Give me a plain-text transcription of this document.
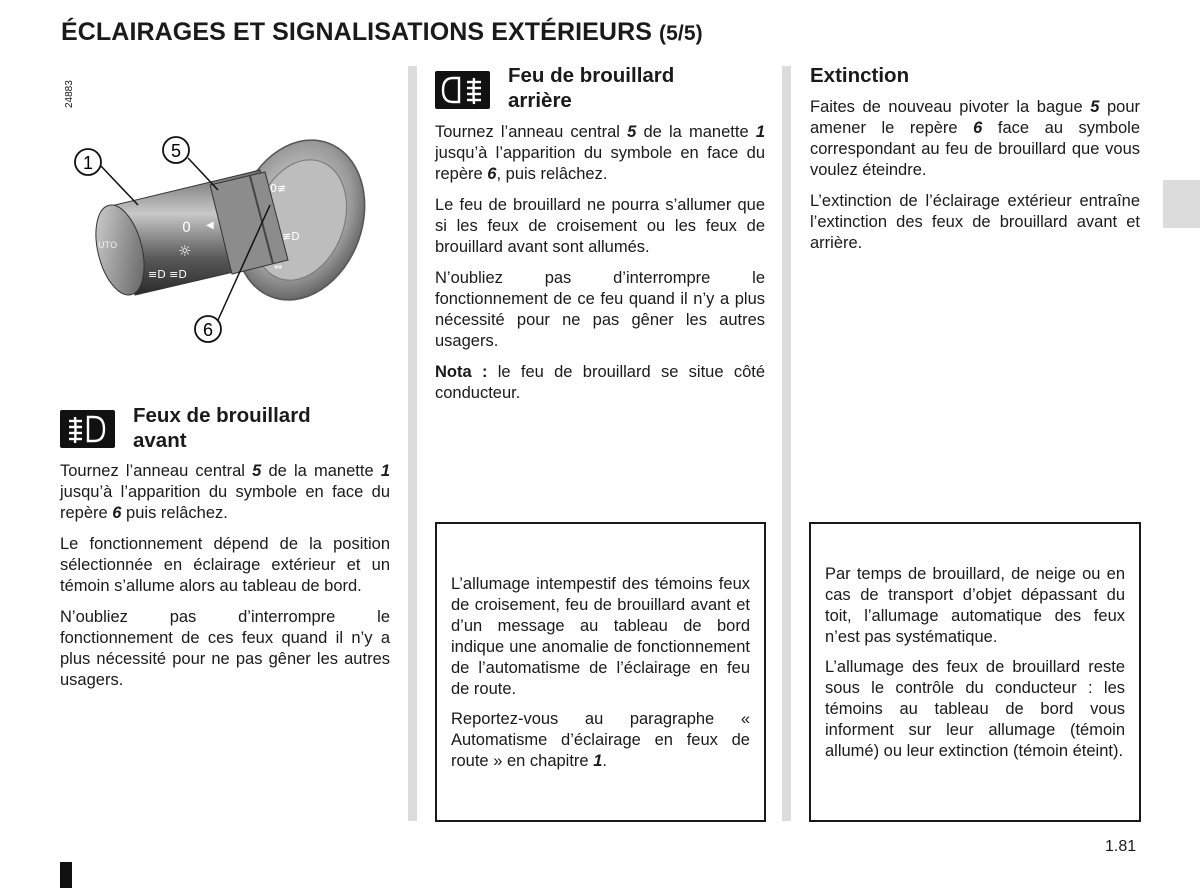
ÉCLAIRAGES ET SIGNALISATIONS EXTÉRIEURS (5/5)
24883
UTO
0 ◀
☼
≡D ≡D
0≢
≢D
⇔
1
5
6
Feux de brouillard avant

Tournez l’anneau central 5 de la manette 1 jusqu’à l’apparition du symbole en face du repère 6 puis relâchez.

Le fonctionnement dépend de la position sélectionnée en éclairage extérieur et un témoin s’allume alors au tableau de bord.

N’oubliez pas d’interrompre le fonctionnement de ces feux quand il n’y a plus nécessité pour ne pas gêner les autres usagers.

Feu de brouillard arrière

Tournez l’anneau central 5 de la manette 1 jusqu’à l’apparition du symbole en face du repère 6, puis relâchez.

Le feu de brouillard ne pourra s’allumer que si les feux de croisement ou les feux de brouillard avant sont allumés.

N’oubliez pas d’interrompre le fonctionnement de ce feu quand il n’y a plus nécessité pour ne pas gêner les autres usagers.

Nota : le feu de brouillard se situe côté conducteur.

Extinction

Faites de nouveau pivoter la bague 5 pour amener le repère 6 face au symbole correspondant au feu de brouillard que vous voulez éteindre.

L’extinction de l’éclairage extérieur entraîne l’extinction des feux de brouillard avant et arrière.

L’allumage intempestif des témoins feux de croisement, feu de brouillard avant et d’un message au tableau de bord indique une anomalie de fonctionnement de l’automatisme de l’éclairage en feu de route.

Reportez-vous au paragraphe « Automatisme d’éclairage en feux de route » en chapitre 1.

Par temps de brouillard, de neige ou en cas de transport d’objet dépassant du toit, l’allumage automatique des feux n’est pas systématique.

L’allumage des feux de brouillard reste sous le contrôle du conducteur : les témoins au tableau de bord vous informent sur leur allumage (témoin allumé) ou leur extinction (témoin éteint).

1.81
